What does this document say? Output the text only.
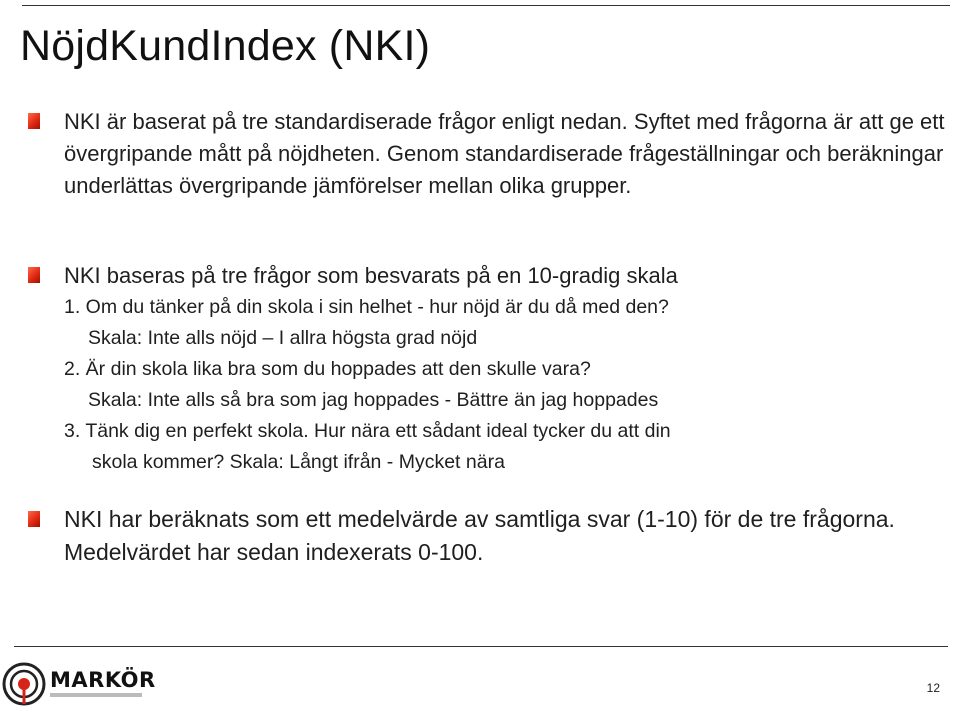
NöjdKundIndex (NKI)
NKI är baserat på tre standardiserade frågor enligt nedan. Syftet med frågorna är att ge ett övergripande mått på nöjdheten. Genom standardiserade frågeställningar och beräkningar underlättas övergripande jämförelser mellan olika grupper.
NKI baseras på tre frågor som besvarats på en 10-gradig skala
1. Om du tänker på din skola i sin helhet - hur nöjd är du då med den?
Skala: Inte alls nöjd – I allra högsta grad nöjd
2. Är din skola lika bra som du hoppades att den skulle vara?
Skala: Inte alls så bra som jag hoppades - Bättre än jag hoppades
3. Tänk dig en perfekt skola. Hur nära ett sådant ideal tycker du att din
skola kommer? Skala: Långt ifrån - Mycket nära
NKI har beräknats som ett medelvärde av samtliga svar (1-10) för de tre frågorna. Medelvärdet har sedan indexerats 0-100.
MARKÖR	12
